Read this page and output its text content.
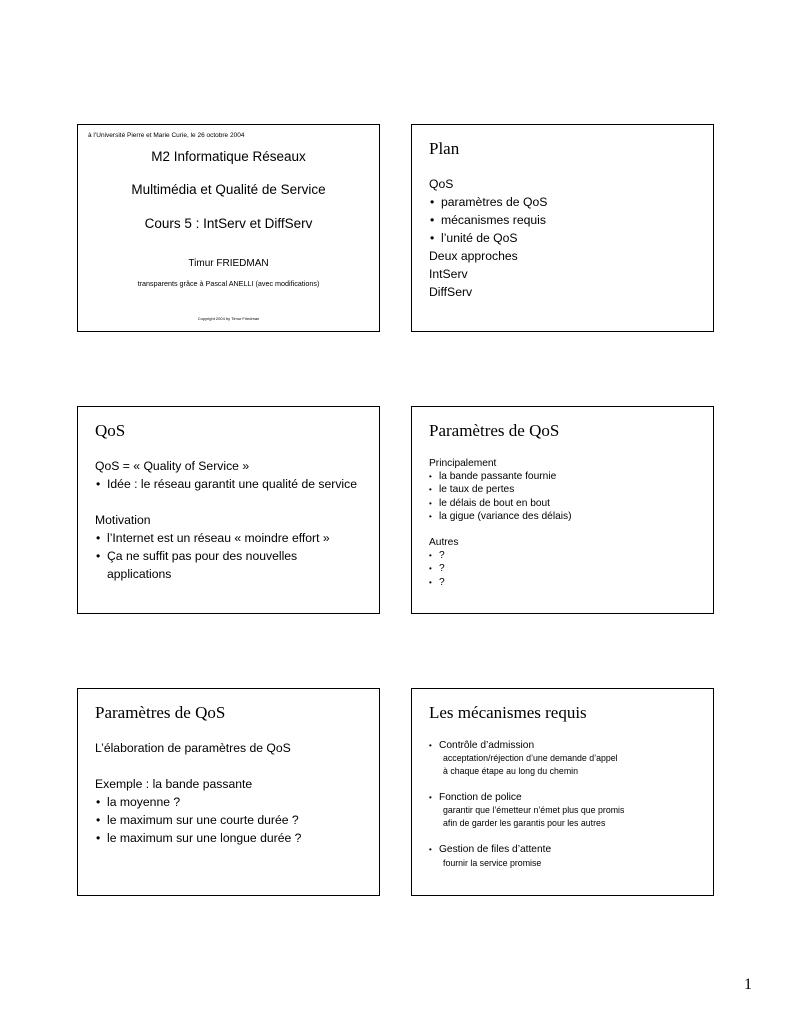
à l’Université Pierre et Marie Curie, le 26 octobre 2004
M2 Informatique Réseaux
Multimédia et Qualité de Service
Cours 5 : IntServ et DiffServ
Timur FRIEDMAN
transparents grâce à Pascal ANELLI (avec modifications)
Copyright 2004 by Timur Friedman
Plan
QoS
• paramètres de QoS
• mécanismes requis
• l’unité de QoS
Deux approches
IntServ
DiffServ
QoS
QoS = « Quality of Service »
• Idée : le réseau garantit une qualité de service
Motivation
• l’Internet est un réseau « moindre effort »
• Ça ne suffit pas pour des nouvelles
applications
Paramètres de QoS
Principalement
• la bande passante fournie
• le taux de pertes
• le délais de bout en bout
• la gigue (variance des délais)
Autres
• ?
• ?
• ?
Paramètres de QoS
L’élaboration de paramètres de QoS
Exemple : la bande passante
• la moyenne ?
• le maximum sur une courte durée ?
• le maximum sur une longue durée ?
Les mécanismes requis
• Contrôle d’admission
acceptation/réjection d’une demande d’appel
à chaque étape au long du chemin
• Fonction de police
garantir que l’émetteur n’émet plus que promis
afin de garder les garantis pour les autres
• Gestion de files d’attente
fournir la service promise
1
